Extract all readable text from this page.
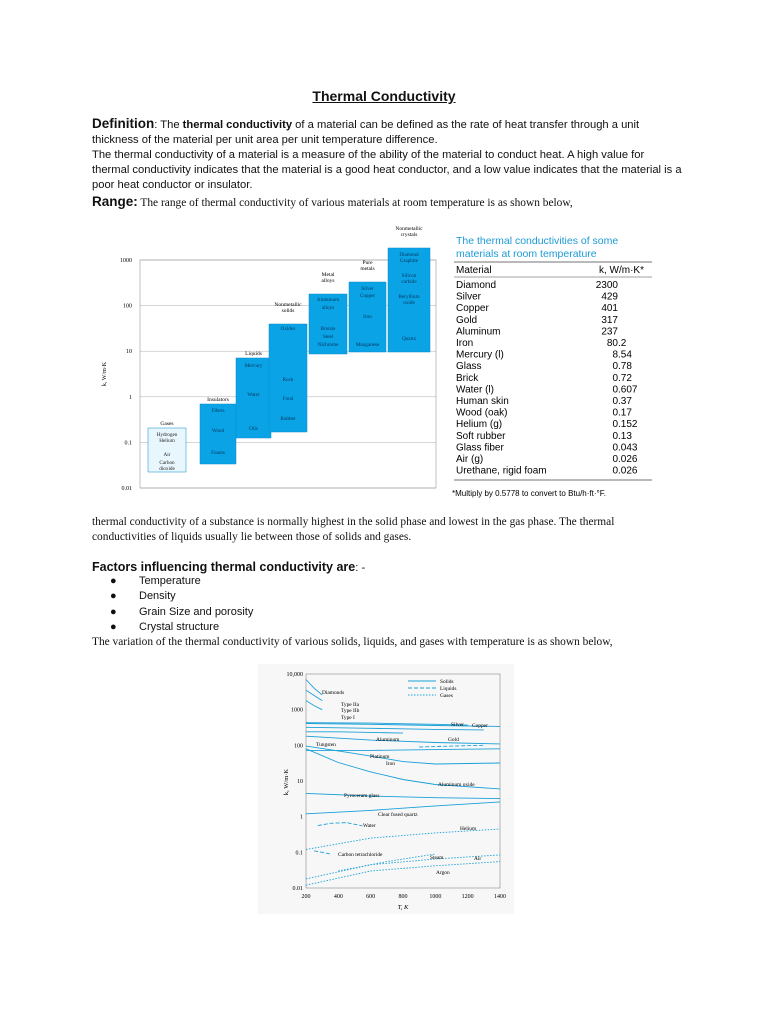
Thermal Conductivity
Definition: The thermal conductivity of a material can be defined as the rate of heat transfer through a unit thickness of the material per unit area per unit temperature difference.
The thermal conductivity of a material is a measure of the ability of the material to conduct heat. A high value for thermal conductivity indicates that the material is a good heat conductor, and a low value indicates that the material is a poor heat conductor or insulator.
Range: The range of thermal conductivity of various materials at room temperature is as shown below,
k, W/m·K
1000
100
10
1
0.1
0.01
Gases
Hydrogen
Helium
Air
Carbon
dioxide
Insulators
Fibers
Wood
Foams
Liquids
Mercury
Water
Oils
Nonmetallic
solids
Oxides
Rock
Food
Rubber
Metal
alloys
Aluminum
alloys
Bronze
Steel
Nichrome
Pure
metals
Silver
Copper
Iron
Manganese
Nonmetallic
crystals
Diamond
Graphite
Silicon
carbide
Beryllium
oxide
Quartz
The thermal conductivities of some
materials at room temperature
Material	k, W/m·K*
Diamond	2300
Silver	429
Copper	401
Gold	317
Aluminum	237
Iron	80 .2
Mercury (l)	8 .54
Glass	0 .78
Brick	0 .72
Water (l)	0 .607
Human skin	0 .37
Wood (oak)	0 .17
Helium (g)	0 .152
Soft rubber	0 .13
Glass fiber	0 .043
Air (g)	0 .026
Urethane, rigid foam	0 .026
*Multiply by 0.5778 to convert to Btu/h·ft·°F.
thermal conductivity of a substance is normally highest in the solid phase and lowest in the gas phase. The thermal conductivities of liquids usually lie between those of solids and gases.
Factors influencing thermal conductivity are: -
● Temperature
● Density
● Grain Size and porosity
● Crystal structure
The variation of the thermal conductivity of various solids, liquids, and gases with temperature is as shown below,
k, W/m·K
T, K
10,000
1000
100
10
1
0.1
0.01
200	400	600	800	1000	1200	1400
Diamonds
Type IIa
Type IIb
Type I
Silver Copper
Aluminum	Gold
Tungsten
Platinum
Iron
Aluminum oxide
Pyroceram glass
Clear fused quartz
Water	Helium
Carbon tetrachloride	Steam	Air
Argon
Solids
Liquids
Gases
